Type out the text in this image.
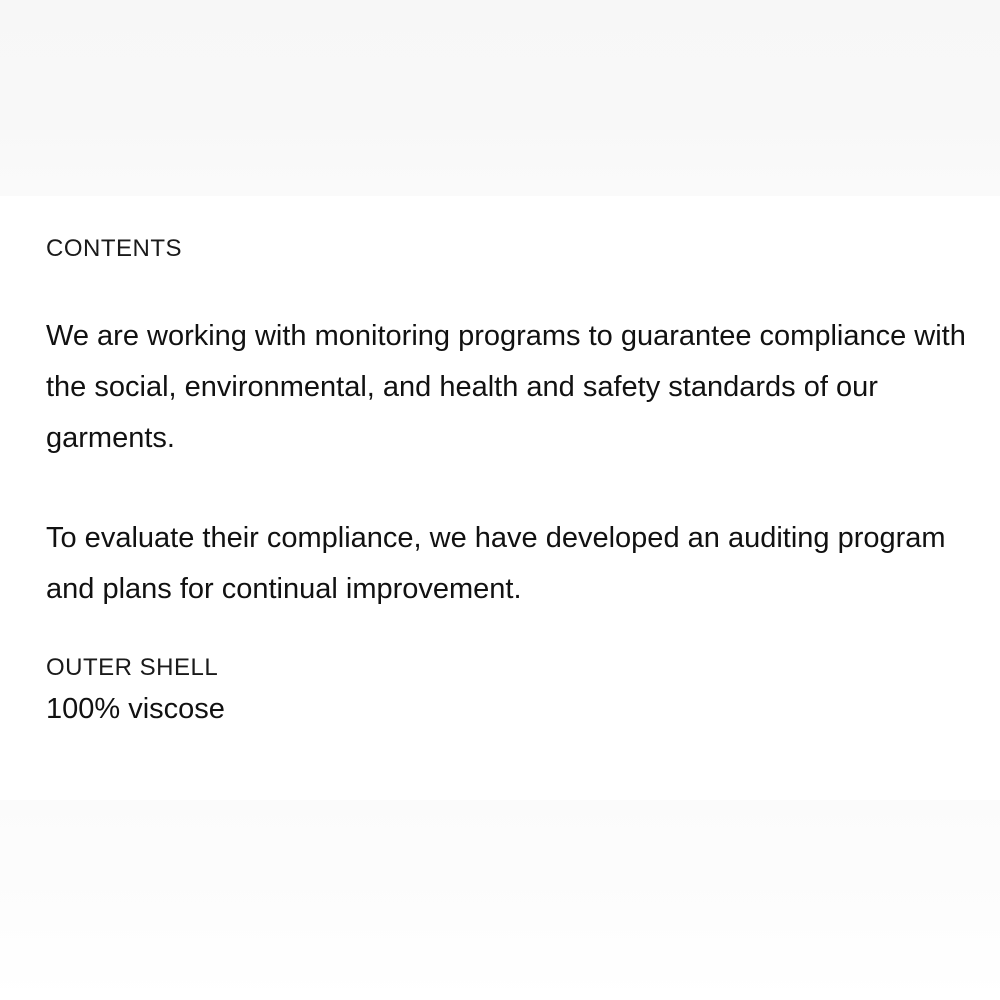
CONTENTS

We are working with monitoring programs to guarantee compliance with the social, environmental, and health and safety standards of our garments.

To evaluate their compliance, we have developed an auditing program and plans for continual improvement.

OUTER SHELL

100% viscose
